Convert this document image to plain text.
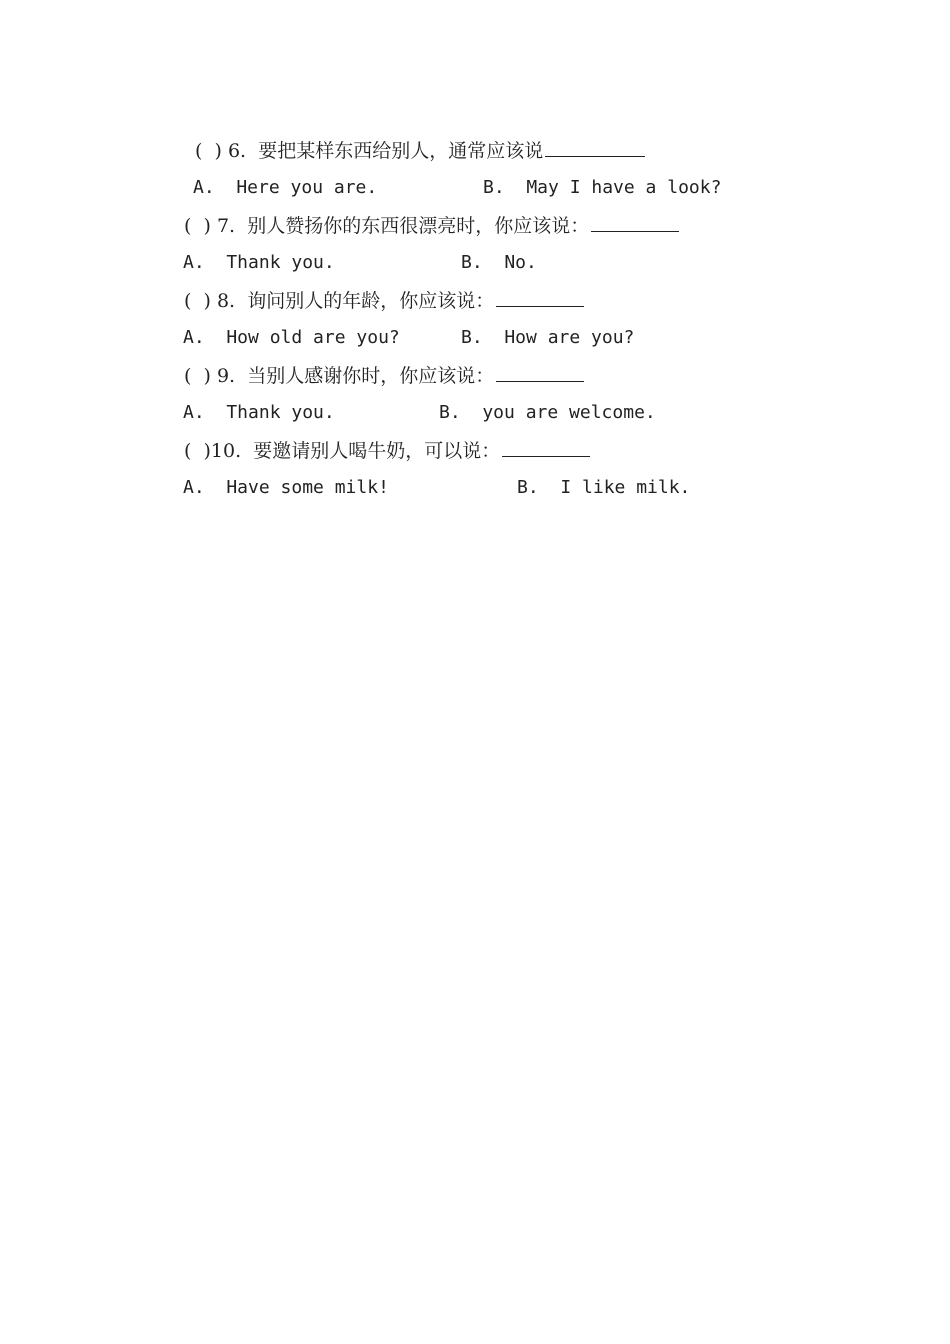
(  ) 6. 要把某样东西给别人，通常应该说
A.  Here you are.	B.  May I have a look?
(  ) 7. 别人赞扬你的东西很漂亮时，你应该说：
A.  Thank you.	B.  No.
(  ) 8. 询问别人的年龄，你应该说：
A.  How old are you?	B.  How are you?
(  ) 9. 当别人感谢你时，你应该说：
A.  Thank you.	B.  you are welcome.
(  )10. 要邀请别人喝牛奶，可以说：
A.  Have some milk!	B.  I like milk.
